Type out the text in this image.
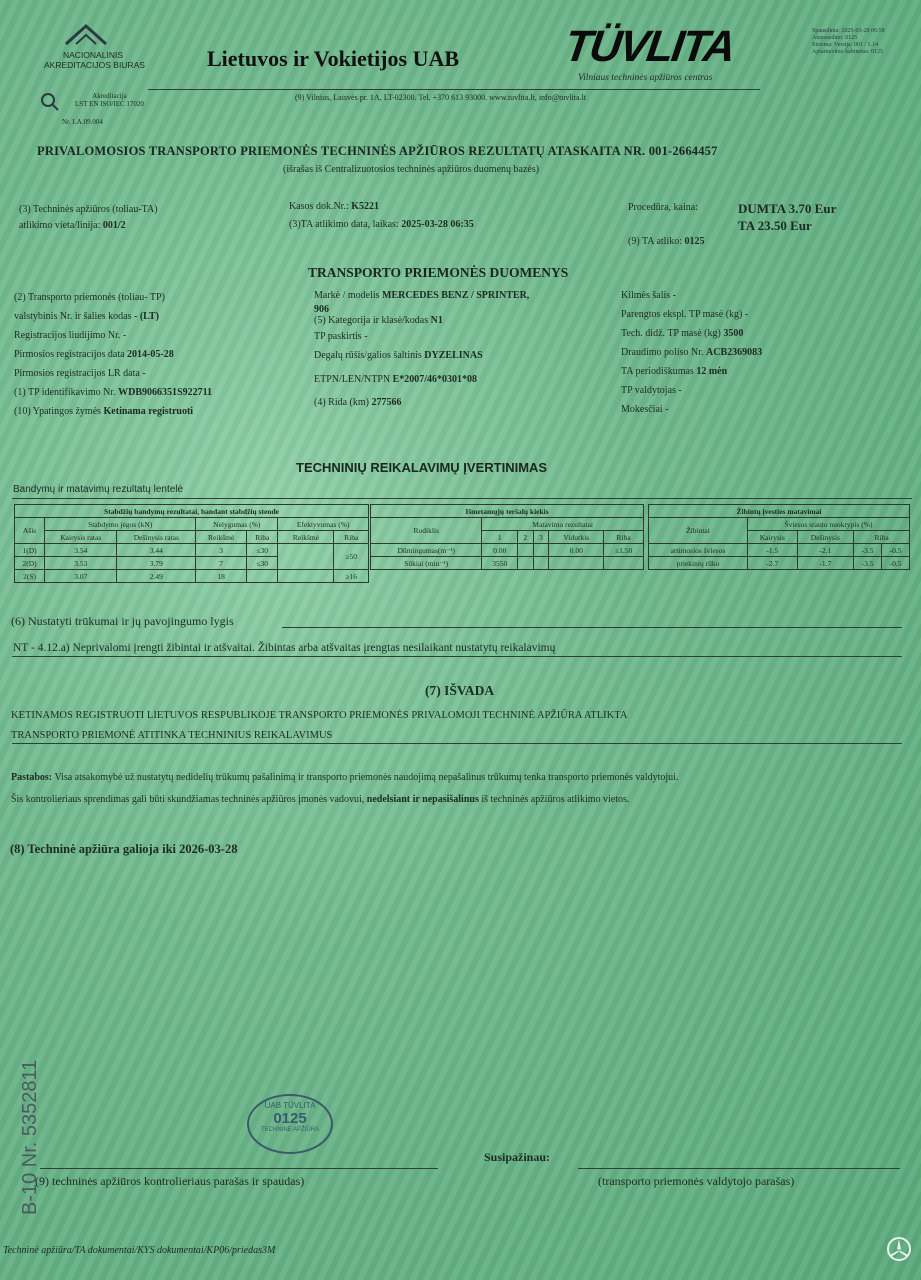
NACIONALINIS
AKREDITACIJOS BIURAS
Akreditacija
LST EN ISO/IEC 17020
Nr. LA.09.004
Lietuvos ir Vokietijos UAB TÜVLITA
Vilniaus techninės apžiūros centras
(9) Vilnius, Laisvės pr. 1A, LT-02300. Tel. +370 613 93000. www.tuvlita.lt, info@tuvlita.lt
Spausdinta: 2025-03-28 06:58
Atspausdino: 0125
Sistema: Versija: 001 / 1.14
Aptarnavimo kabinetas: 0125
PRIVALOMOSIOS TRANSPORTO PRIEMONĖS TECHNINĖS APŽIŪROS REZULTATŲ ATASKAITA NR. 001-2664457
(išrašas iš Centralizuotosios techninės apžiūros duomenų bazės)
(3) Techninės apžiūros (toliau-TA)
atlikimo vieta/linija: 001/2
Kasos dok.Nr.: K5221
(3)TA atlikimo data, laikas: 2025-03-28 06:35
Procedūra, kaina:	DUMTA 3.70 Eur
TA 23.50 Eur
(9) TA atliko: 0125
TRANSPORTO PRIEMONĖS DUOMENYS
(2) Transporto priemonės (toliau- TP)
valstybinis Nr. ir šalies kodas - (LT)
Registracijos liudijimo Nr. -
Pirmosios registracijos data 2014-05-28
Pirmosios registracijos LR data -
(1) TP identifikavimo Nr. WDB9066351S922711
(10) Ypatingos žymės Ketinama registruoti
Markė / modelis MERCEDES BENZ / SPRINTER,
906
(5) Kategorija ir klasė/kodas N1
TP paskirtis -
Degalų rūšis/galios šaltinis DYZELINAS
ETPN/LEN/NTPN E*2007/46*0301*08
(4) Rida (km) 277566
Kilmės šalis -
Parengtos ekspl. TP masė (kg) -
Tech. didž. TP masė (kg) 3500
Draudimo poliso Nr. ACB2369083
TA periodiškumas 12 mėn
TP valdytojas -
Mokesčiai -
TECHNINIŲ REIKALAVIMŲ ĮVERTINIMAS
Bandymų ir matavimų rezultatų lentelė
Stabdžių bandymų rezultatai, bandant stabdžių stende						
Ašis	Stabdymo jėgos (kN)		Nelygumas (%)		Efektyvumas (%)	
	Kairysis ratas	Dešinysis ratas	Reikšmė	Riba	Reikšmė	Riba
1(D)	3.54	3.44	3	≤30		≥50
2(D)	3.53	3.79	7	≤30		
2(S)	3.07	2.49	18			≥16
Išmetamųjų teršalų kiekis					
Rodiklis	Matavimo rezultatai				
	1	2	3	Vidurkis	Riba
Dūmingumas(m⁻¹)	0.00			0.00	≤1.50
Sūkiai (min⁻¹)	3550				
Žibintų įvesties matavimai				
Žibintai	Šviesos srauto nuokrypis (%)			
	Kairysis	Dešinysis	Riba	
artimosios šviesos	-1.5	-2.1	-3.5	-0.5
priekinių rūko	-2.7	-1.7	-3.5	-0.5
(6) Nustatyti trūkumai ir jų pavojingumo lygis
NT - 4.12.a) Neprivalomi įrengti žibintai ir atšvaitai. Žibintas arba atšvaitas įrengtas nesilaikant nustatytų reikalavimų
(7) IŠVADA
KETINAMOS REGISTRUOTI LIETUVOS RESPUBLIKOJE TRANSPORTO PRIEMONĖS PRIVALOMOJI TECHNINĖ APŽIŪRA ATLIKTA
TRANSPORTO PRIEMONĖ ATITINKA TECHNINIUS REIKALAVIMUS
Pastabos: Visa atsakomybė už nustatytų nedidelių trūkumų pašalinimą ir transporto priemonės naudojimą nepašalinus trūkumų tenka transporto priemonės valdytojui.
Šis kontrolieriaus sprendimas gali būti skundžiamas techninės apžiūros įmonės vadovui, nedelsiant ir nepasišalinus iš techninės apžiūros atlikimo vietos.
(8) Techninė apžiūra galioja iki 2026-03-28
UAB TÜVLITA
0125
TECHNINĖ APŽIŪRA
Susipažinau:
(9) techninės apžiūros kontrolieriaus parašas ir spaudas)	(transporto priemonės valdytojo parašas)
B-10 Nr. 5352811
Techninė apžiūra/TA dokumentai/KYS dokumentai/KP06/priedas3M
